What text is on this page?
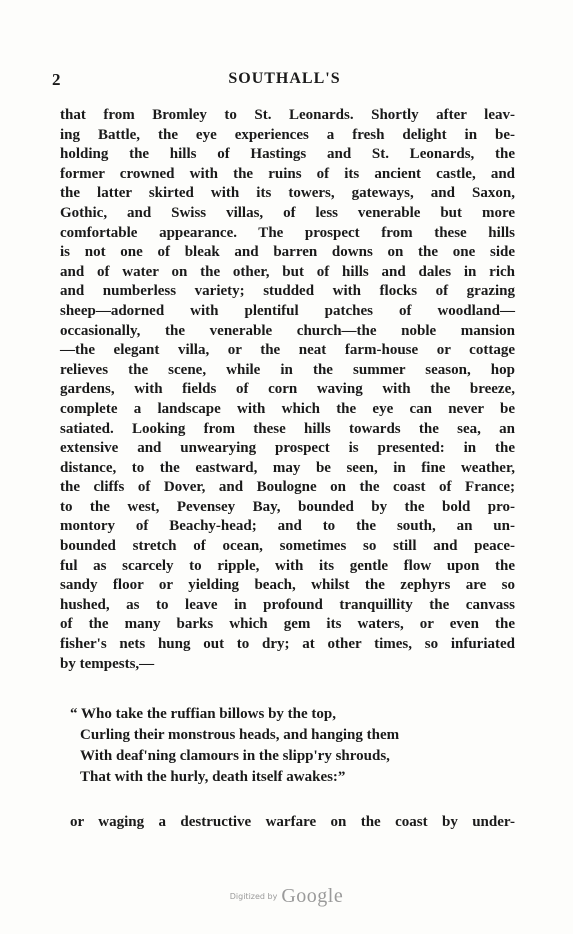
2	SOUTHALL'S
that from Bromley to St. Leonards. Shortly after leav-
ing Battle, the eye experiences a fresh delight in be-
holding the hills of Hastings and St. Leonards, the
former crowned with the ruins of its ancient castle, and
the latter skirted with its towers, gateways, and Saxon,
Gothic, and Swiss villas, of less venerable but more
comfortable appearance. The prospect from these hills
is not one of bleak and barren downs on the one side
and of water on the other, but of hills and dales in rich
and numberless variety; studded with flocks of grazing
sheep—adorned with plentiful patches of woodland—
occasionally, the venerable church—the noble mansion
—the elegant villa, or the neat farm-house or cottage
relieves the scene, while in the summer season, hop
gardens, with fields of corn waving with the breeze,
complete a landscape with which the eye can never be
satiated. Looking from these hills towards the sea, an
extensive and unwearying prospect is presented: in the
distance, to the eastward, may be seen, in fine weather,
the cliffs of Dover, and Boulogne on the coast of France;
to the west, Pevensey Bay, bounded by the bold pro-
montory of Beachy-head; and to the south, an un-
bounded stretch of ocean, sometimes so still and peace-
ful as scarcely to ripple, with its gentle flow upon the
sandy floor or yielding beach, whilst the zephyrs are so
hushed, as to leave in profound tranquillity the canvass
of the many barks which gem its waters, or even the
fisher's nets hung out to dry; at other times, so infuriated
by tempests,—
“ Who take the ruffian billows by the top,
Curling their monstrous heads, and hanging them
With deaf'ning clamours in the slipp'ry shrouds,
That with the hurly, death itself awakes:”
or waging a destructive warfare on the coast by under-
Digitized by Google
